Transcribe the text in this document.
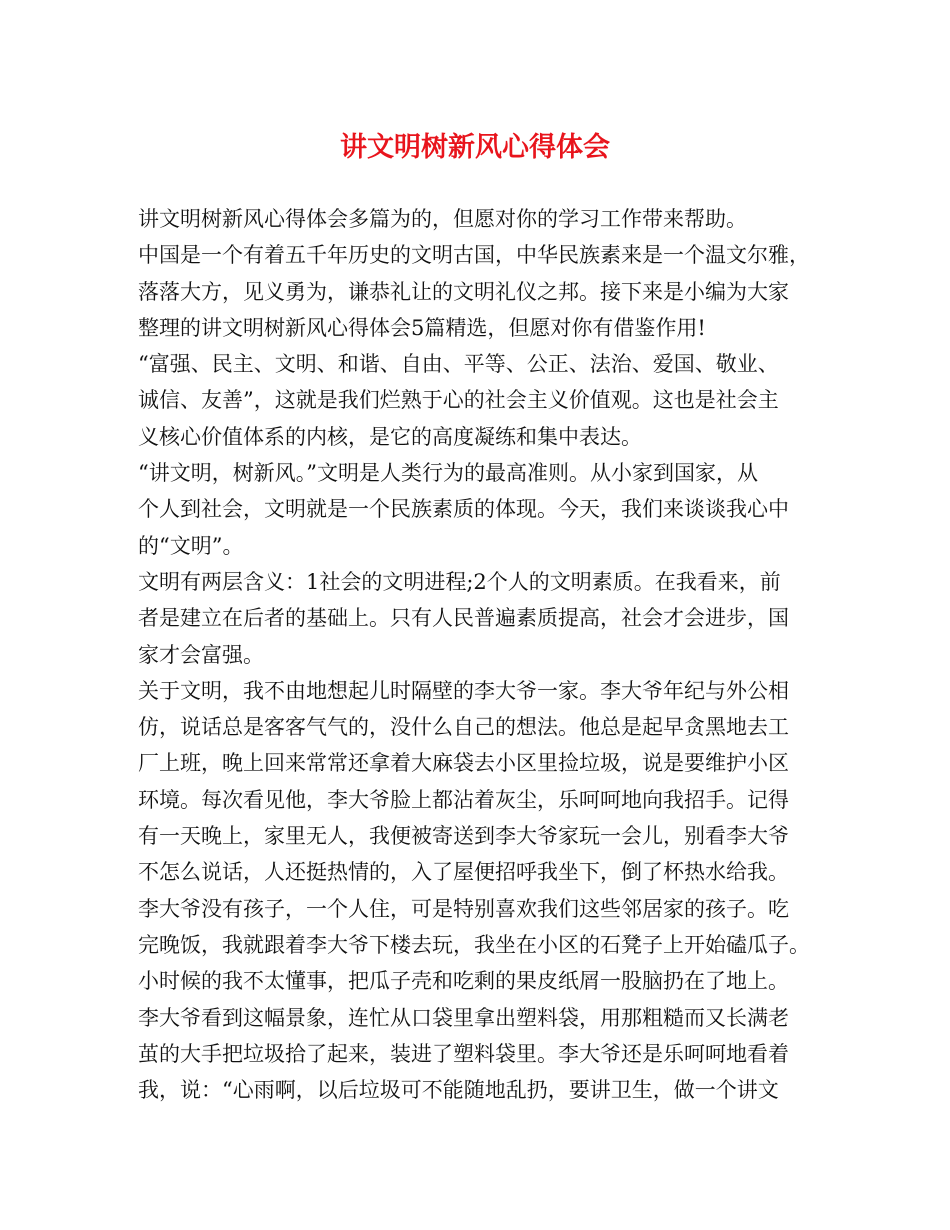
讲文明树新风心得体会
讲文明树新风心得体会多篇为的，但愿对你的学习工作带来帮助。
中国是一个有着五千年历史的文明古国，中华民族素来是一个温文尔雅，
落落大方，见义勇为，谦恭礼让的文明礼仪之邦。接下来是小编为大家
整理的讲文明树新风心得体会5篇精选，但愿对你有借鉴作用!
“富强、民主、文明、和谐、自由、平等、公正、法治、爱国、敬业、
诚信、友善”，这就是我们烂熟于心的社会主义价值观。这也是社会主
义核心价值体系的内核，是它的高度凝练和集中表达。
“讲文明，树新风。”文明是人类行为的最高准则。从小家到国家，从
个人到社会，文明就是一个民族素质的体现。今天，我们来谈谈我心中
的“文明”。
文明有两层含义：1社会的文明进程;2个人的文明素质。在我看来，前
者是建立在后者的基础上。只有人民普遍素质提高，社会才会进步，国
家才会富强。
关于文明，我不由地想起儿时隔壁的李大爷一家。李大爷年纪与外公相
仿，说话总是客客气气的，没什么自己的想法。他总是起早贪黑地去工
厂上班，晚上回来常常还拿着大麻袋去小区里捡垃圾，说是要维护小区
环境。每次看见他，李大爷脸上都沾着灰尘，乐呵呵地向我招手。记得
有一天晚上，家里无人，我便被寄送到李大爷家玩一会儿，别看李大爷
不怎么说话，人还挺热情的，入了屋便招呼我坐下，倒了杯热水给我。
李大爷没有孩子，一个人住，可是特别喜欢我们这些邻居家的孩子。吃
完晚饭，我就跟着李大爷下楼去玩，我坐在小区的石凳子上开始磕瓜子。
小时候的我不太懂事，把瓜子壳和吃剩的果皮纸屑一股脑扔在了地上。
李大爷看到这幅景象，连忙从口袋里拿出塑料袋，用那粗糙而又长满老
茧的大手把垃圾拾了起来，装进了塑料袋里。李大爷还是乐呵呵地看着
我，说：“心雨啊，以后垃圾可不能随地乱扔，要讲卫生，做一个讲文
